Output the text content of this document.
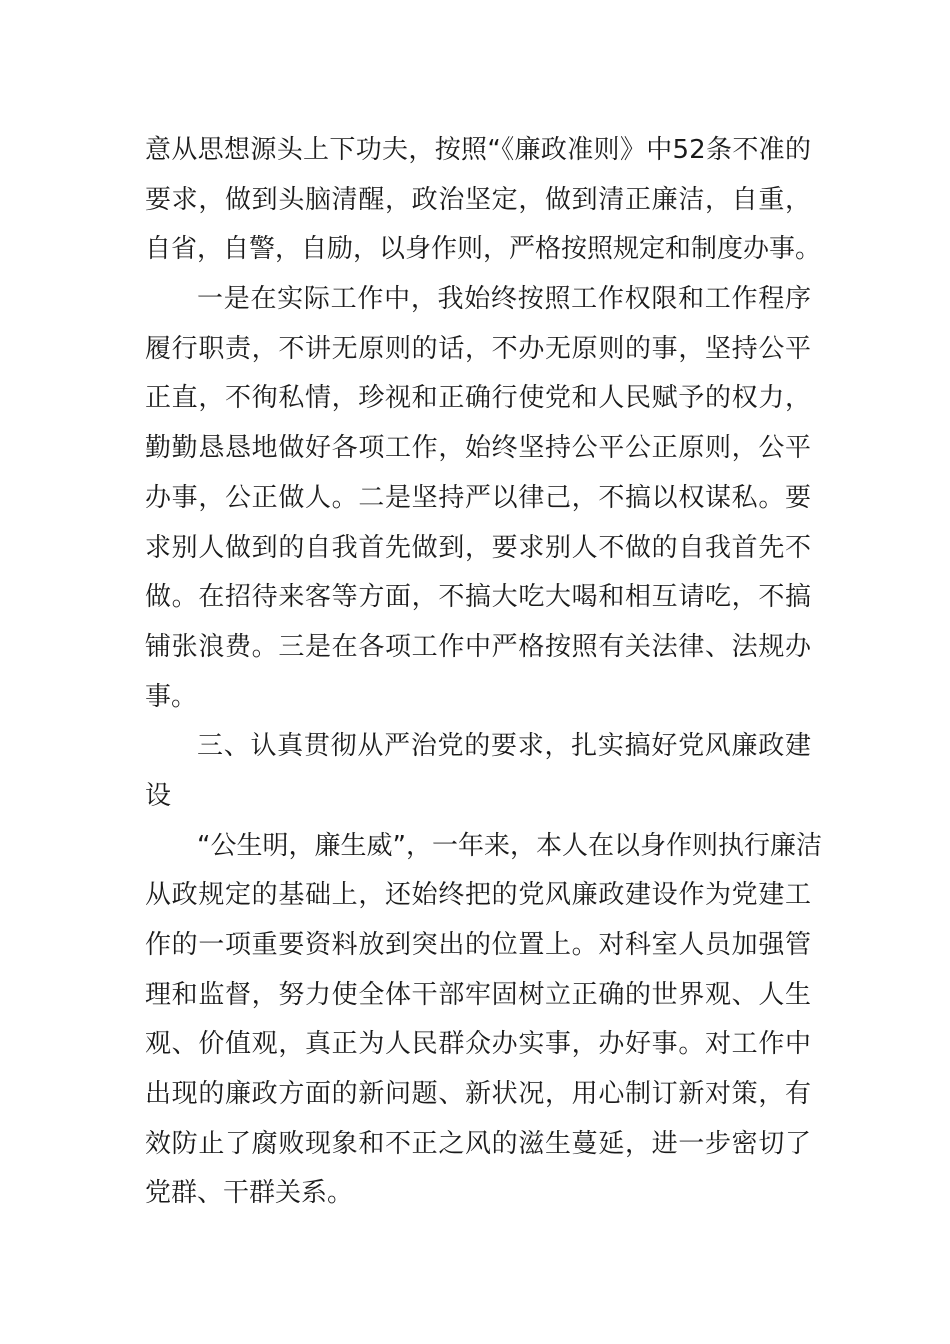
意从思想源头上下功夫，按照“《廉政准则》中52条不准的
要求，做到头脑清醒，政治坚定，做到清正廉洁，自重，
自省，自警，自励，以身作则，严格按照规定和制度办事。
一是在实际工作中，我始终按照工作权限和工作程序
履行职责，不讲无原则的话，不办无原则的事，坚持公平
正直，不徇私情，珍视和正确行使党和人民赋予的权力，
勤勤恳恳地做好各项工作，始终坚持公平公正原则，公平
办事，公正做人。二是坚持严以律己，不搞以权谋私。要
求别人做到的自我首先做到，要求别人不做的自我首先不
做。在招待来客等方面，不搞大吃大喝和相互请吃，不搞
铺张浪费。三是在各项工作中严格按照有关法律、法规办
事。
三、认真贯彻从严治党的要求，扎实搞好党风廉政建
设
“公生明，廉生威”，一年来，本人在以身作则执行廉洁
从政规定的基础上，还始终把的党风廉政建设作为党建工
作的一项重要资料放到突出的位置上。对科室人员加强管
理和监督，努力使全体干部牢固树立正确的世界观、人生
观、价值观，真正为人民群众办实事，办好事。对工作中
出现的廉政方面的新问题、新状况，用心制订新对策，有
效防止了腐败现象和不正之风的滋生蔓延，进一步密切了
党群、干群关系。
